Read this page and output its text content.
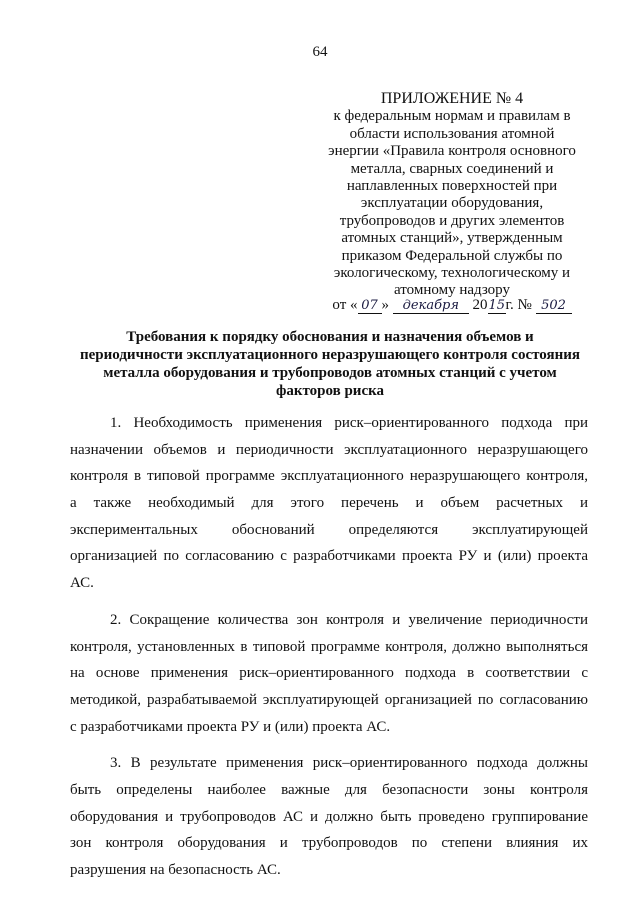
64
ПРИЛОЖЕНИЕ № 4
к федеральным нормам и правилам в
области использования атомной
энергии «Правила контроля основного
металла, сварных соединений и
наплавленных поверхностей при
эксплуатации оборудования,
трубопроводов и других элементов
атомных станций», утвержденным
приказом Федеральной службы по
экологическому, технологическому и
атомному надзору
от « 07 » декабря 2015г. № 502
Требования к порядку обоснования и назначения объемов и
периодичности эксплуатационного неразрушающего контроля состояния
металла оборудования и трубопроводов атомных станций с учетом
факторов риска
1. Необходимость применения риск–ориентированного подхода при
назначении объемов и периодичности эксплуатационного неразрушающего
контроля в типовой программе эксплуатационного неразрушающего контроля,
а также необходимый для этого перечень и объем расчетных и
экспериментальных обоснований определяются эксплуатирующей
организацией по согласованию с разработчиками проекта РУ и (или) проекта
АС.
2. Сокращение количества зон контроля и увеличение периодичности
контроля, установленных в типовой программе контроля, должно выполняться
на основе применения риск–ориентированного подхода в соответствии с
методикой, разрабатываемой эксплуатирующей организацией по согласованию
с разработчиками проекта РУ и (или) проекта АС.
3. В результате применения риск–ориентированного подхода должны
быть определены наиболее важные для безопасности зоны контроля
оборудования и трубопроводов АС и должно быть проведено группирование
зон контроля оборудования и трубопроводов по степени влияния их
разрушения на безопасность АС.
